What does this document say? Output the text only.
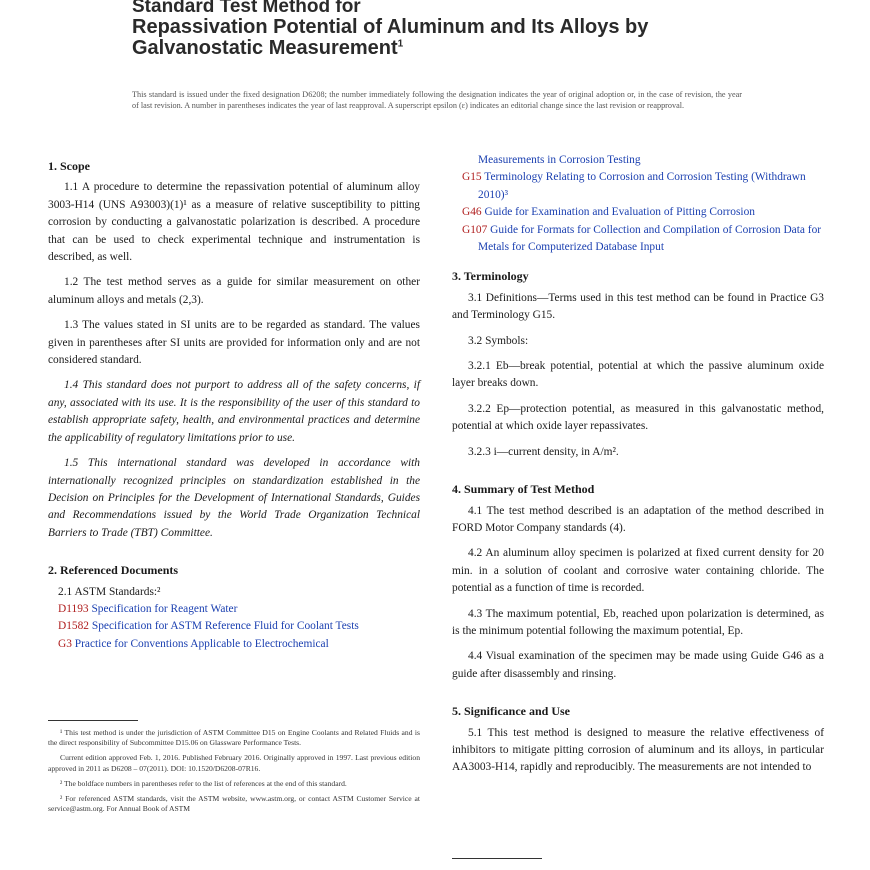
Standard Test Method for
Repassivation Potential of Aluminum and Its Alloys by
Galvanostatic Measurement$^1$
This standard is issued under the fixed designation D6208; the number immediately following the designation indicates the year of original adoption or, in the case of revision, the year of last revision. A number in parentheses indicates the year of last reapproval. A superscript epsilon (ε) indicates an editorial change since the last revision or reapproval.
1. Scope

1.1 A procedure to determine the repassivation potential of aluminum alloy 3003-H14 (UNS A93003)(1)¹ as a measure of relative susceptibility to pitting corrosion by conducting a galvanostatic polarization is described. A procedure that can be used to check experimental technique and instrumentation is described, as well.

1.2 The test method serves as a guide for similar measurement on other aluminum alloys and metals (2,3).

1.3 The values stated in SI units are to be regarded as standard. The values given in parentheses after SI units are provided for information only and are not considered standard.

1.4 This standard does not purport to address all of the safety concerns, if any, associated with its use. It is the responsibility of the user of this standard to establish appropriate safety, health, and environmental practices and determine the applicability of regulatory limitations prior to use.

1.5 This international standard was developed in accordance with internationally recognized principles on standardization established in the Decision on Principles for the Development of International Standards, Guides and Recommendations issued by the World Trade Organization Technical Barriers to Trade (TBT) Committee.

2. Referenced Documents

2.1 ASTM Standards:²

D1193 Specification for Reagent Water

D1582 Specification for ASTM Reference Fluid for Coolant Tests

G3 Practice for Conventions Applicable to Electrochemical

Measurements in Corrosion Testing

G15 Terminology Relating to Corrosion and Corrosion Testing (Withdrawn 2010)³

G46 Guide for Examination and Evaluation of Pitting Corrosion

G107 Guide for Formats for Collection and Compilation of Corrosion Data for Metals for Computerized Database Input

3. Terminology

3.1 Definitions—Terms used in this test method can be found in Practice G3 and Terminology G15.

3.2 Symbols:

3.2.1 Eb—break potential, potential at which the passive aluminum oxide layer breaks down.

3.2.2 Ep—protection potential, as measured in this galvanostatic method, potential at which oxide layer repassivates.

3.2.3 i—current density, in A/m².

4. Summary of Test Method

4.1 The test method described is an adaptation of the method described in FORD Motor Company standards (4).

4.2 An aluminum alloy specimen is polarized at fixed current density for 20 min. in a solution of coolant and corrosive water containing chloride. The potential as a function of time is recorded.

4.3 The maximum potential, Eb, reached upon polarization is determined, as is the minimum potential following the maximum potential, Ep.

4.4 Visual examination of the specimen may be made using Guide G46 as a guide after disassembly and rinsing.

5. Significance and Use

5.1 This test method is designed to measure the relative effectiveness of inhibitors to mitigate pitting corrosion of aluminum and its alloys, in particular AA3003-H14, rapidly and reproducibly. The measurements are not intended to

¹ This test method is under the jurisdiction of ASTM Committee D15 on Engine Coolants and Related Fluids and is the direct responsibility of Subcommittee D15.06 on Glassware Performance Tests.

Current edition approved Feb. 1, 2016. Published February 2016. Originally approved in 1997. Last previous edition approved in 2011 as D6208 – 07(2011). DOI: 10.1520/D6208-07R16.

² The boldface numbers in parentheses refer to the list of references at the end of this standard.

² For referenced ASTM standards, visit the ASTM website, www.astm.org, or contact ASTM Customer Service at service@astm.org. For Annual Book of ASTM
